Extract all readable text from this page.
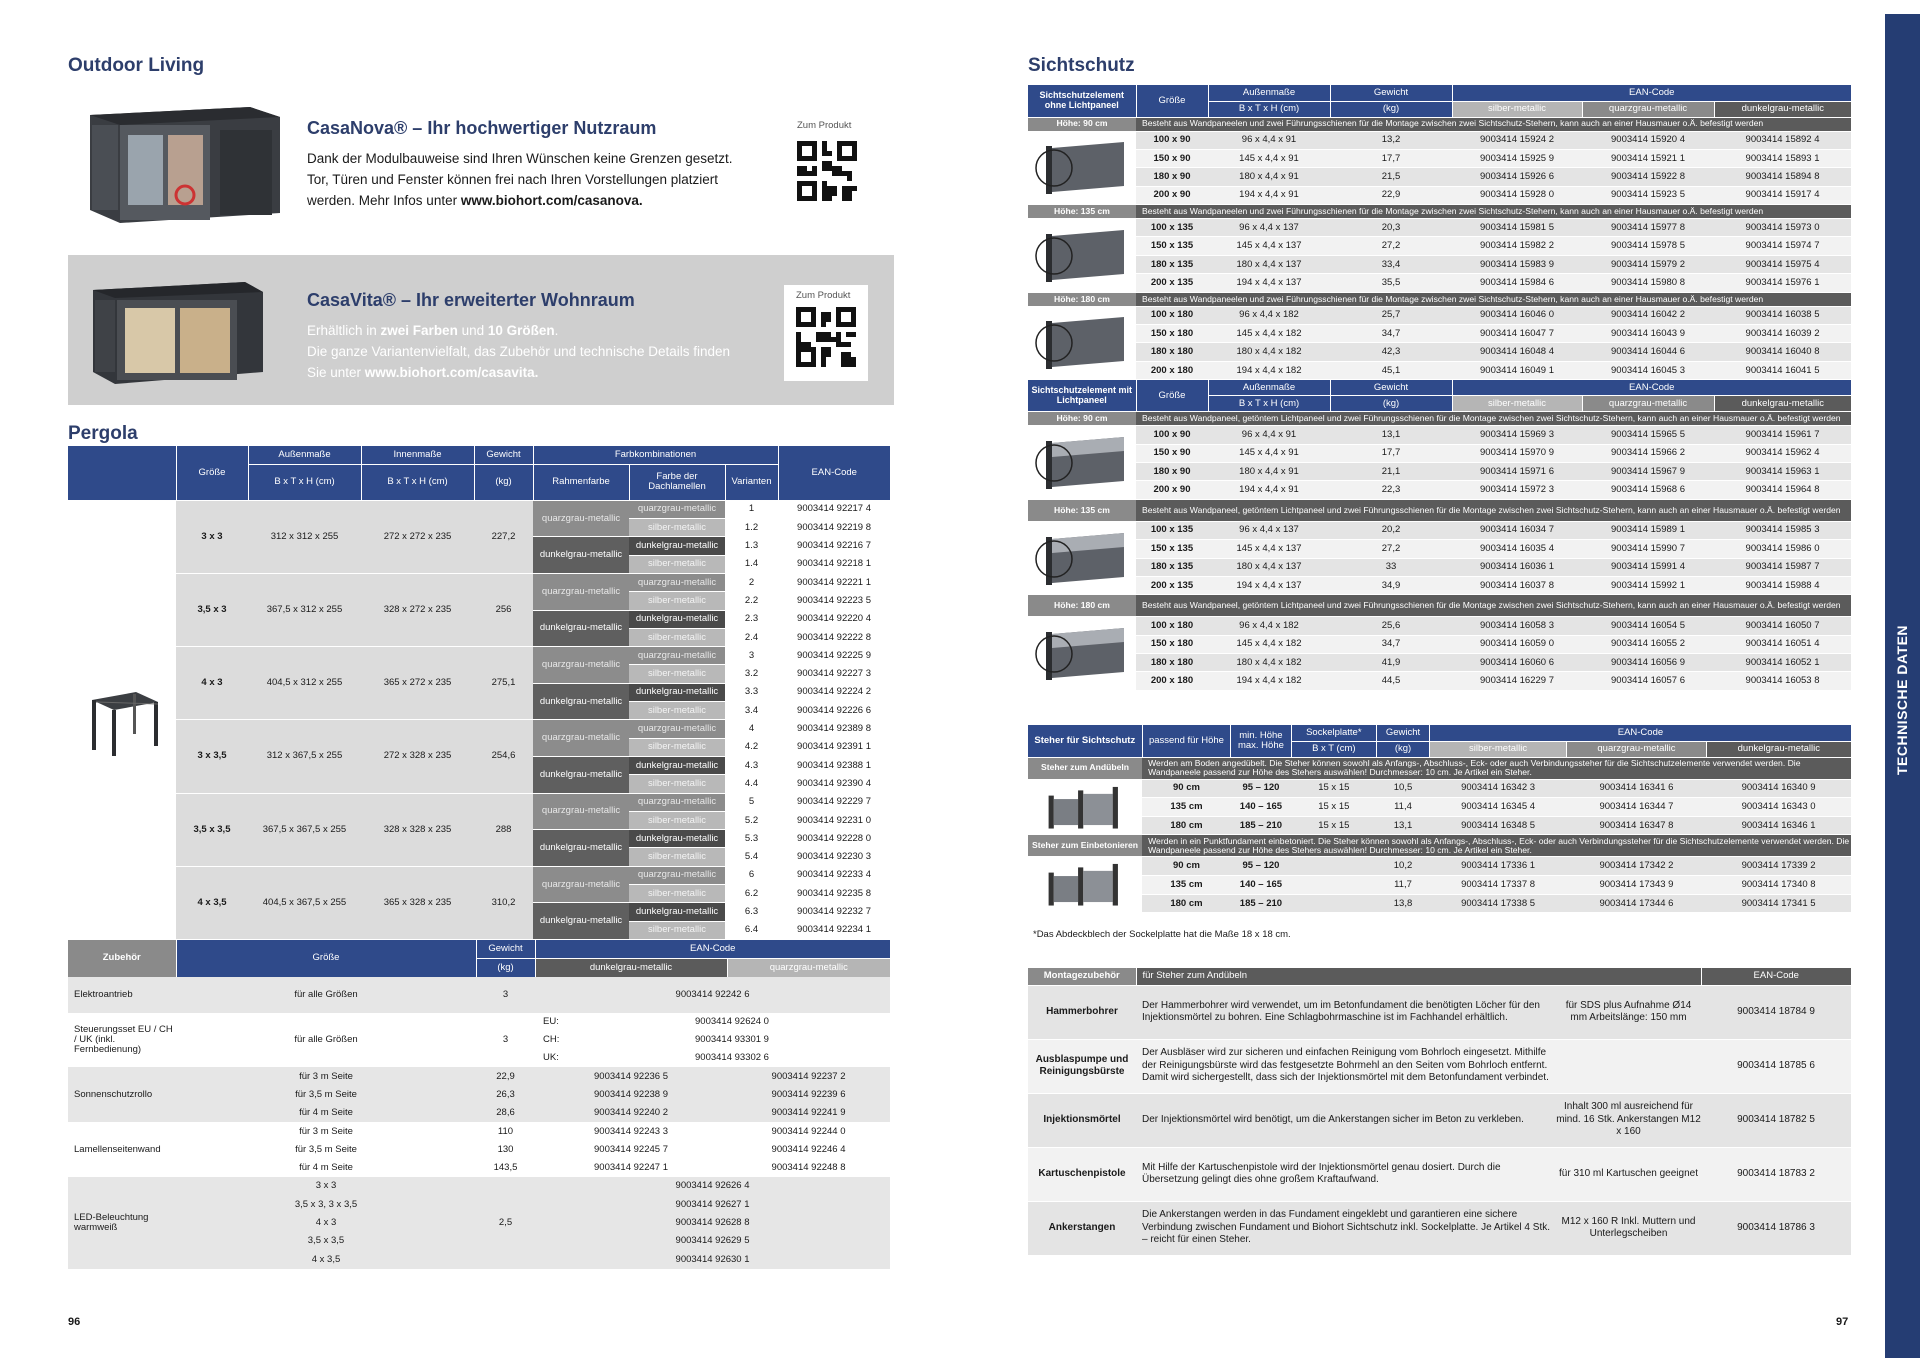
Outdoor Living
CasaNova® – Ihr hochwertiger Nutzraum
Dank der Modulbauweise sind Ihren Wünschen keine Grenzen gesetzt.
Tor, Türen und Fenster können frei nach Ihren Vorstellungen platziert
werden. Mehr Infos unter www.biohort.com/casanova.
Zum Produkt
CasaVita® – Ihr erweiterter Wohnraum
Erhältlich in zwei Farben und 10 Größen.
Die ganze Variantenvielfalt, das Zubehör und technische Details finden
Sie unter www.biohort.com/casavita.
Zum Produkt
Pergola
	Größe	Außenmaße	Innenmaße	Gewicht	Farbkombinationen			EAN-Code
		B x T x H (cm)	B x T x H (cm)	(kg)	Rahmenfarbe	Farbe der Dachlamellen	Varianten	
	3 x 3	312 x 312 x 255	272 x 272 x 235	227,2	quarzgrau-metallic	quarzgrau-metallic	1	9003414 92217 4
						silber-metallic	1.2	9003414 92219 8
					dunkelgrau-metallic	dunkelgrau-metallic	1.3	9003414 92216 7
						silber-metallic	1.4	9003414 92218 1
	3,5 x 3	367,5 x 312 x 255	328 x 272 x 235	256	quarzgrau-metallic	quarzgrau-metallic	2	9003414 92221 1
						silber-metallic	2.2	9003414 92223 5
					dunkelgrau-metallic	dunkelgrau-metallic	2.3	9003414 92220 4
						silber-metallic	2.4	9003414 92222 8
	4 x 3	404,5 x 312 x 255	365 x 272 x 235	275,1	quarzgrau-metallic	quarzgrau-metallic	3	9003414 92225 9
						silber-metallic	3.2	9003414 92227 3
					dunkelgrau-metallic	dunkelgrau-metallic	3.3	9003414 92224 2
						silber-metallic	3.4	9003414 92226 6
	3 x 3,5	312 x 367,5 x 255	272 x 328 x 235	254,6	quarzgrau-metallic	quarzgrau-metallic	4	9003414 92389 8
						silber-metallic	4.2	9003414 92391 1
					dunkelgrau-metallic	dunkelgrau-metallic	4.3	9003414 92388 1
						silber-metallic	4.4	9003414 92390 4
	3,5 x 3,5	367,5 x 367,5 x 255	328 x 328 x 235	288	quarzgrau-metallic	quarzgrau-metallic	5	9003414 92229 7
						silber-metallic	5.2	9003414 92231 0
					dunkelgrau-metallic	dunkelgrau-metallic	5.3	9003414 92228 0
						silber-metallic	5.4	9003414 92230 3
	4 x 3,5	404,5 x 367,5 x 255	365 x 328 x 235	310,2	quarzgrau-metallic	quarzgrau-metallic	6	9003414 92233 4
						silber-metallic	6.2	9003414 92235 8
					dunkelgrau-metallic	dunkelgrau-metallic	6.3	9003414 92232 7
						silber-metallic	6.4	9003414 92234 1
Zubehör	Größe	Gewicht	EAN-Code		
		(kg)	dunkelgrau-metallic		quarzgrau-metallic
Elektroantrieb	für alle Größen	3	9003414 92242 6		
Steuerungsset EU / CH / UK (inkl. Fernbedienung)	für alle Größen	3	EU:	9003414 92624 0	
			CH:	9003414 93301 9	
			UK:	9003414 93302 6	
Sonnenschutzrollo	für 3 m Seite	22,9	9003414 92236 5		9003414 92237 2
	für 3,5 m Seite	26,3	9003414 92238 9		9003414 92239 6
	für 4 m Seite	28,6	9003414 92240 2		9003414 92241 9
Lamellenseitenwand	für 3 m Seite	110	9003414 92243 3		9003414 92244 0
	für 3,5 m Seite	130	9003414 92245 7		9003414 92246 4
	für 4 m Seite	143,5	9003414 92247 1		9003414 92248 8
LED-Beleuchtung warmweiß	3 x 3	2,5	9003414 92626 4		
	3,5 x 3, 3 x 3,5		9003414 92627 1		
	4 x 3		9003414 92628 8		
	3,5 x 3,5		9003414 92629 5		
	4 x 3,5		9003414 92630 1		
96
Sichtschutz
Sichtschutzelement ohne Lichtpaneel	Größe	Außenmaße	Gewicht	EAN-Code		
		B x T x H (cm)	(kg)	silber-metallic	quarzgrau-metallic	dunkelgrau-metallic
Höhe: 90 cm	Besteht aus Wandpaneelen und zwei Führungsschienen für die Montage zwischen zwei Sichtschutz-Stehern, kann auch an einer Hausmauer o.Ä. befestigt werden					
	100 x 90	96 x 4,4 x 91	13,2	9003414 15924 2	9003414 15920 4	9003414 15892 4
	150 x 90	145 x 4,4 x 91	17,7	9003414 15925 9	9003414 15921 1	9003414 15893 1
	180 x 90	180 x 4,4 x 91	21,5	9003414 15926 6	9003414 15922 8	9003414 15894 8
	200 x 90	194 x 4,4 x 91	22,9	9003414 15928 0	9003414 15923 5	9003414 15917 4
Höhe: 135 cm	Besteht aus Wandpaneelen und zwei Führungsschienen für die Montage zwischen zwei Sichtschutz-Stehern, kann auch an einer Hausmauer o.Ä. befestigt werden					
	100 x 135	96 x 4,4 x 137	20,3	9003414 15981 5	9003414 15977 8	9003414 15973 0
	150 x 135	145 x 4,4 x 137	27,2	9003414 15982 2	9003414 15978 5	9003414 15974 7
	180 x 135	180 x 4,4 x 137	33,4	9003414 15983 9	9003414 15979 2	9003414 15975 4
	200 x 135	194 x 4,4 x 137	35,5	9003414 15984 6	9003414 15980 8	9003414 15976 1
Höhe: 180 cm	Besteht aus Wandpaneelen und zwei Führungsschienen für die Montage zwischen zwei Sichtschutz-Stehern, kann auch an einer Hausmauer o.Ä. befestigt werden					
	100 x 180	96 x 4,4 x 182	25,7	9003414 16046 0	9003414 16042 2	9003414 16038 5
	150 x 180	145 x 4,4 x 182	34,7	9003414 16047 7	9003414 16043 9	9003414 16039 2
	180 x 180	180 x 4,4 x 182	42,3	9003414 16048 4	9003414 16044 6	9003414 16040 8
	200 x 180	194 x 4,4 x 182	45,1	9003414 16049 1	9003414 16045 3	9003414 16041 5
Sichtschutzelement mit Lichtpaneel	Größe	Außenmaße	Gewicht	EAN-Code		
		B x T x H (cm)	(kg)	silber-metallic	quarzgrau-metallic	dunkelgrau-metallic
Höhe: 90 cm	Besteht aus Wandpaneel, getöntem Lichtpaneel und zwei Führungsschienen für die Montage zwischen zwei Sichtschutz-Stehern, kann auch an einer Hausmauer o.Ä. befestigt werden					
	100 x 90	96 x 4,4 x 91	13,1	9003414 15969 3	9003414 15965 5	9003414 15961 7
	150 x 90	145 x 4,4 x 91	17,7	9003414 15970 9	9003414 15966 2	9003414 15962 4
	180 x 90	180 x 4,4 x 91	21,1	9003414 15971 6	9003414 15967 9	9003414 15963 1
	200 x 90	194 x 4,4 x 91	22,3	9003414 15972 3	9003414 15968 6	9003414 15964 8
Höhe: 135 cm	Besteht aus Wandpaneel, getöntem Lichtpaneel und zwei Führungsschienen für die Montage zwischen zwei Sichtschutz-Stehern, kann auch an einer Hausmauer o.Ä. befestigt werden					
	100 x 135	96 x 4,4 x 137	20,2	9003414 16034 7	9003414 15989 1	9003414 15985 3
	150 x 135	145 x 4,4 x 137	27,2	9003414 16035 4	9003414 15990 7	9003414 15986 0
	180 x 135	180 x 4,4 x 137	33	9003414 16036 1	9003414 15991 4	9003414 15987 7
	200 x 135	194 x 4,4 x 137	34,9	9003414 16037 8	9003414 15992 1	9003414 15988 4
Höhe: 180 cm	Besteht aus Wandpaneel, getöntem Lichtpaneel und zwei Führungsschienen für die Montage zwischen zwei Sichtschutz-Stehern, kann auch an einer Hausmauer o.Ä. befestigt werden					
	100 x 180	96 x 4,4 x 182	25,6	9003414 16058 3	9003414 16054 5	9003414 16050 7
	150 x 180	145 x 4,4 x 182	34,7	9003414 16059 0	9003414 16055 2	9003414 16051 4
	180 x 180	180 x 4,4 x 182	41,9	9003414 16060 6	9003414 16056 9	9003414 16052 1
	200 x 180	194 x 4,4 x 182	44,5	9003414 16229 7	9003414 16057 6	9003414 16053 8
Steher für Sichtschutz	passend für Höhe	min. Höhe max. Höhe	Sockelplatte*	Gewicht	EAN-Code		
			B x T (cm)	(kg)	silber-metallic	quarzgrau-metallic	dunkelgrau-metallic
Steher zum Andübeln	Werden am Boden angedübelt. Die Steher können sowohl als Anfangs-, Abschluss-, Eck- oder auch Verbindungssteher für die Sichtschutzelemente verwendet werden. Die Wandpaneele passend zur Höhe des Stehers auswählen! Durchmesser: 10 cm. Je Artikel ein Steher.						
	90 cm	95 – 120	15 x 15	10,5	9003414 16342 3	9003414 16341 6	9003414 16340 9
	135 cm	140 – 165	15 x 15	11,4	9003414 16345 4	9003414 16344 7	9003414 16343 0
	180 cm	185 – 210	15 x 15	13,1	9003414 16348 5	9003414 16347 8	9003414 16346 1
Steher zum Einbetonieren	Werden in ein Punktfundament einbetoniert. Die Steher können sowohl als Anfangs-, Abschluss-, Eck- oder auch Verbindungssteher für die Sichtschutzelemente verwendet werden. Die Wandpaneele passend zur Höhe des Stehers auswählen! Durchmesser: 10 cm. Je Artikel ein Steher.						
	90 cm	95 – 120		10,2	9003414 17336 1	9003414 17342 2	9003414 17339 2
	135 cm	140 – 165		11,7	9003414 17337 8	9003414 17343 9	9003414 17340 8
	180 cm	185 – 210		13,8	9003414 17338 5	9003414 17344 6	9003414 17341 5
*Das Abdeckblech der Sockelplatte hat die Maße 18 x 18 cm.
Montagezubehör	für Steher zum Andübeln		EAN-Code
Hammerbohrer	Der Hammerbohrer wird verwendet, um im Betonfundament die benötigten Löcher für den Injektionsmörtel zu bohren. Eine Schlagbohrmaschine ist im Fachhandel erhältlich.	für SDS plus Aufnahme Ø14 mm Arbeitslänge: 150 mm	9003414 18784 9
Ausblaspumpe und Reinigungsbürste	Der Ausbläser wird zur sicheren und einfachen Reinigung vom Bohrloch eingesetzt. Mithilfe der Reinigungsbürste wird das festgesetzte Bohrmehl an den Seiten vom Bohrloch entfernt. Damit wird sichergestellt, dass sich der Injektionsmörtel mit dem Betonfundament verbindet.		9003414 18785 6
Injektionsmörtel	Der Injektionsmörtel wird benötigt, um die Ankerstangen sicher im Beton zu verkleben.	Inhalt 300 ml ausreichend für mind. 16 Stk. Ankerstangen M12 x 160	9003414 18782 5
Kartuschenpistole	Mit Hilfe der Kartuschenpistole wird der Injektionsmörtel genau dosiert. Durch die Übersetzung gelingt dies ohne großem Kraftaufwand.	für 310 ml Kartuschen geeignet	9003414 18783 2
Ankerstangen	Die Ankerstangen werden in das Fundament eingeklebt und garantieren eine sichere Verbindung zwischen Fundament und Biohort Sichtschutz inkl. Sockelplatte. Je Artikel 4 Stk. – reicht für einen Steher.	M12 x 160 R Inkl. Muttern und Unterlegscheiben	9003414 18786 3
97
TECHNISCHE DATEN
